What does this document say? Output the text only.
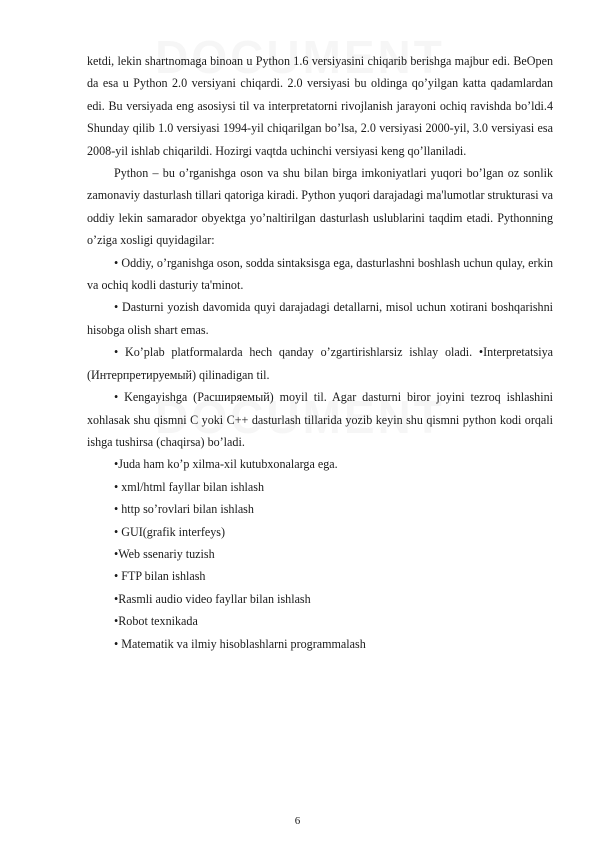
ketdi, lekin shartnomaga binoan u Python 1.6 versiyasini chiqarib berishga majbur edi. BeOpen da esa u Python 2.0 versiyani chiqardi. 2.0 versiyasi bu oldinga qo’yilgan katta qadamlardan edi. Bu versiyada eng asosiysi til va interpretatorni rivojlanish jarayoni ochiq ravishda bo’ldi.4 Shunday qilib 1.0 versiyasi 1994-yil chiqarilgan bo’lsa, 2.0 versiyasi 2000-yil, 3.0 versiyasi esa 2008-yil ishlab chiqarildi. Hozirgi vaqtda uchinchi versiyasi keng qo’llaniladi.

Python – bu o’rganishga oson va shu bilan birga imkoniyatlari yuqori bo’lgan oz sonlik zamonaviy dasturlash tillari qatoriga kiradi. Python yuqori darajadagi ma'lumotlar strukturasi va oddiy lekin samarador obyektga yo’naltirilgan dasturlash uslublarini taqdim etadi. Pythonning o’ziga xosligi quyidagilar:

• Oddiy, o’rganishga oson, sodda sintaksisga ega, dasturlashni boshlash uchun qulay, erkin va ochiq kodli dasturiy ta'minot.

• Dasturni yozish davomida quyi darajadagi detallarni, misol uchun xotirani boshqarishni hisobga olish shart emas.

• Ko’plab platformalarda hech qanday o’zgartirishlarsiz ishlay oladi. •Interpretatsiya (Интерпретируемый) qilinadigan til.

• Kengayishga (Расширяемый) moyil til. Agar dasturni biror joyini tezroq ishlashini xohlasak shu qismni C yoki C++ dasturlash tillarida yozib keyin shu qismni python kodi orqali ishga tushirsa (chaqirsa) bo’ladi.

•Juda ham ko’p xilma-xil kutubxonalarga ega.

• xml/html fayllar bilan ishlash

• http so’rovlari bilan ishlash

• GUI(grafik interfeys)

•Web ssenariy tuzish

• FTP bilan ishlash

•Rasmli audio video fayllar bilan ishlash

•Robot texnikada

• Matematik va ilmiy hisoblashlarni programmalash

6
